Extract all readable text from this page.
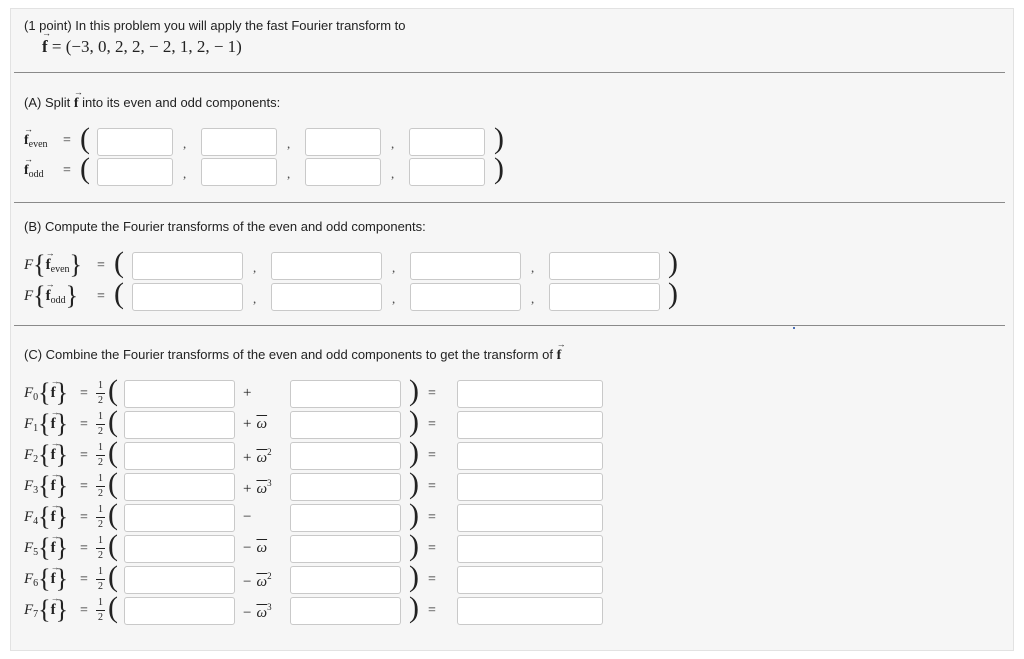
(1 point) In this problem you will apply the fast Fourier transform to
f → = (−3, 0, 2, 2, − 2, 1, 2, − 1)
(A) Split f → into its even and odd components:
$f \to_{even}$ = (	,	,	,	)
$f \to_{odd}$ = (	,	,	,	)
(B) Compute the Fourier transforms of the even and odd components:
$F\{f \to_{even}\}$ = (	,	,	,	)
$F\{f \to_{odd}\}$ = (	,	,	,	)
(C) Combine the Fourier transforms of the even and odd components to get the transform of f →
$F_0\{f$ →} = $\frac{1}{2}$ (	+	) =
$F_1\{f$ →} = $\frac{1}{2}$ (	+ $\overline{\omega}$	) =
$F_2\{f$ →} = $\frac{1}{2}$ (	+ $\overline{\omega}^2$	) =
$F_3\{f$ →} = $\frac{1}{2}$ (	+ $\overline{\omega}^3$	) =
$F_4\{f$ →} = $\frac{1}{2}$ (	−	) =
$F_5\{f$ →} = $\frac{1}{2}$ (	− $\overline{\omega}$	) =
$F_6\{f$ →} = $\frac{1}{2}$ (	− $\overline{\omega}^2$	) =
$F_7\{f$ →} = $\frac{1}{2}$ (	− $\overline{\omega}^3$	) =
